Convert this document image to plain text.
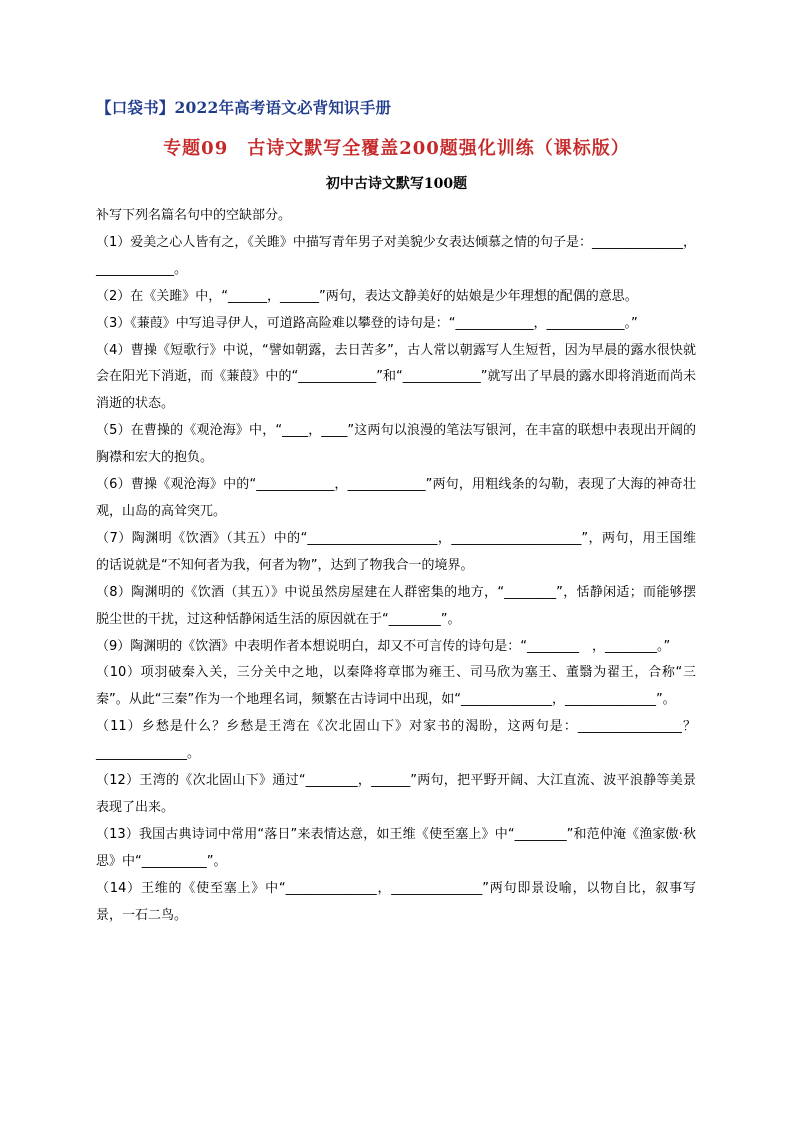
【口袋书】2022年高考语文必背知识手册
专题09　古诗文默写全覆盖200题强化训练（课标版）
初中古诗文默写100题

补写下列名篇名句中的空缺部分。

（1）爱美之心人皆有之，《关雎》中描写青年男子对美貌少女表达倾慕之情的句子是：______________，____________。

（2）在《关雎》中，“______，______”两句，表达文静美好的姑娘是少年理想的配偶的意思。

（3）《蒹葭》中写追寻伊人，可道路高险难以攀登的诗句是：“____________，____________。”

（4）曹操《短歌行》中说，“譬如朝露，去日苦多”，古人常以朝露写人生短哲，因为早晨的露水很快就会在阳光下消逝，而《蒹葭》中的“____________”和“____________”就写出了早晨的露水即将消逝而尚未消逝的状态。

（5）在曹操的《观沧海》中，“____，____”这两句以浪漫的笔法写银河，在丰富的联想中表现出开阔的胸襟和宏大的抱负。

（6）曹操《观沧海》中的“____________，____________”两句，用粗线条的勾勒，表现了大海的神奇壮观，山岛的高耸突兀。

（7）陶渊明《饮酒》（其五）中的“____________________，____________________”，两句，用王国维的话说就是“不知何者为我，何者为物”，达到了物我合一的境界。

（8）陶渊明的《饮酒（其五）》中说虽然房屋建在人群密集的地方，“________”，恬静闲适；而能够摆脱尘世的干扰，过这种恬静闲适生活的原因就在于“________”。

（9）陶渊明的《饮酒》中表明作者本想说明白，却又不可言传的诗句是：“________　，________。”

（10）项羽破秦入关，三分关中之地，以秦降将章邯为雍王、司马欣为塞王、董翳为翟王，合称“三秦”。从此“三秦”作为一个地理名词，频繁在古诗词中出现，如“______________，______________”。

（11）乡愁是什么？乡愁是王湾在《次北固山下》对家书的渴盼，这两句是：________________？______________。

（12）王湾的《次北固山下》通过“________，______”两句，把平野开阔、大江直流、波平浪静等美景表现了出来。

（13）我国古典诗词中常用“落日”来表情达意，如王维《使至塞上》中“________”和范仲淹《渔家傲·秋思》中“__________”。

（14）王维的《使至塞上》中“______________，______________”两句即景设喻，以物自比，叙事写景，一石二鸟。
